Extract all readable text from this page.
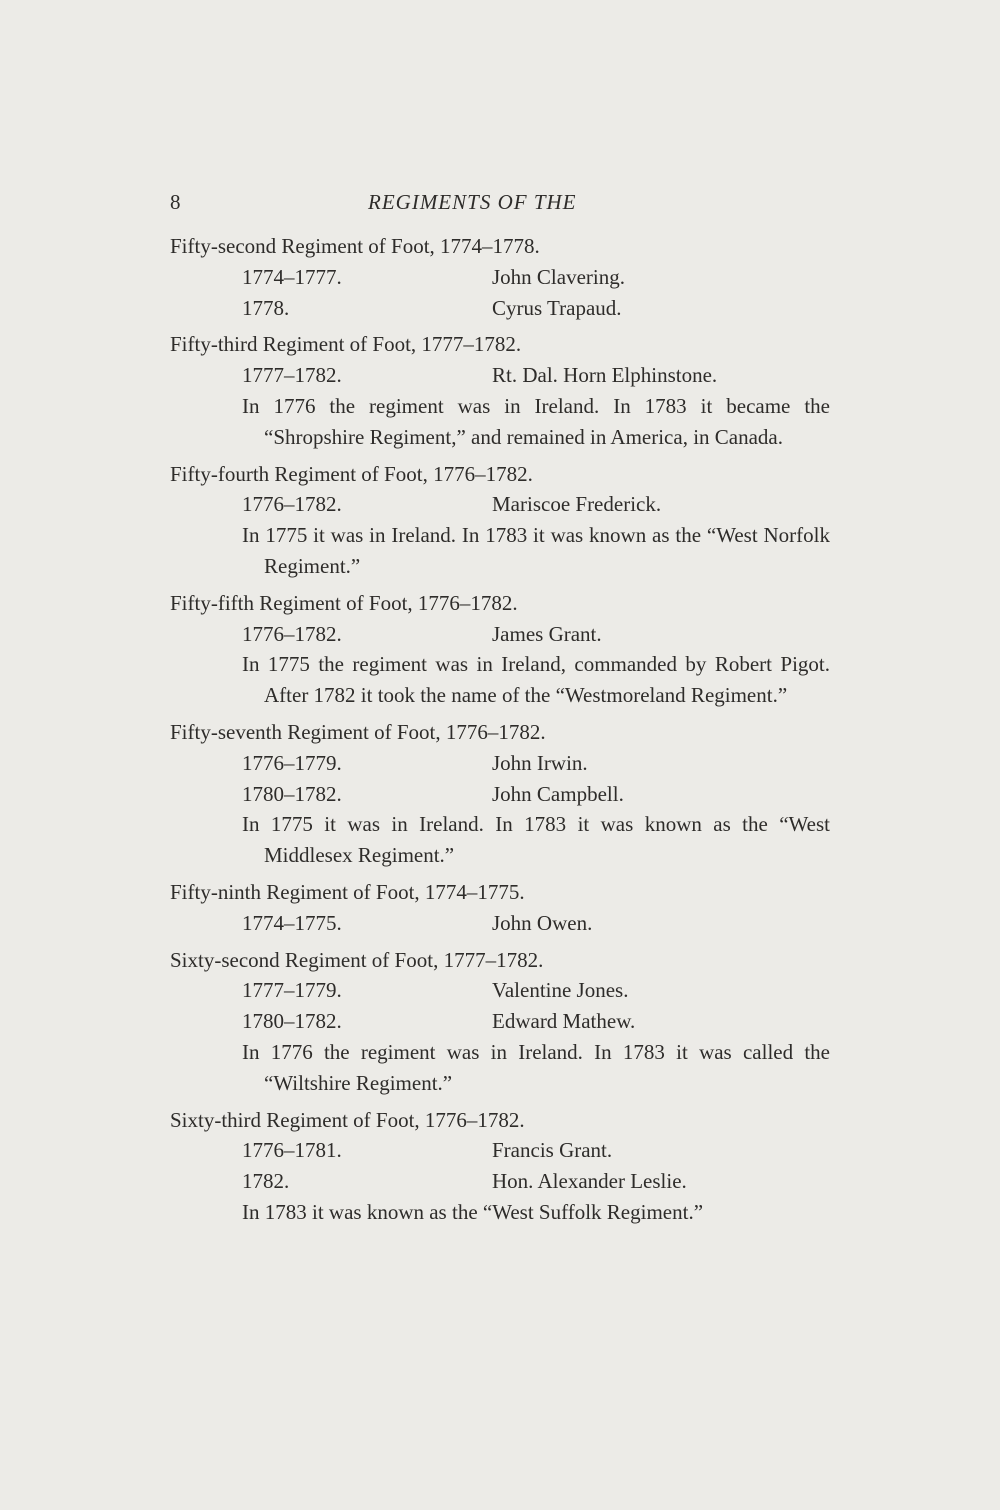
8	REGIMENTS OF THE

Fifty-second Regiment of Foot, 1774–1778.

1774–1777.	John Clavering.
1778.	Cyrus Trapaud.

Fifty-third Regiment of Foot, 1777–1782.

1777–1782.	Rt. Dal. Horn Elphinstone.

In 1776 the regiment was in Ireland. In 1783 it became the “Shropshire Regiment,” and remained in America, in Canada.

Fifty-fourth Regiment of Foot, 1776–1782.

1776–1782.	Mariscoe Frederick.

In 1775 it was in Ireland. In 1783 it was known as the “West Norfolk Regiment.”

Fifty-fifth Regiment of Foot, 1776–1782.

1776–1782.	James Grant.

In 1775 the regiment was in Ireland, commanded by Robert Pigot. After 1782 it took the name of the “Westmoreland Regiment.”

Fifty-seventh Regiment of Foot, 1776–1782.

1776–1779.	John Irwin.
1780–1782.	John Campbell.

In 1775 it was in Ireland. In 1783 it was known as the “West Middlesex Regiment.”

Fifty-ninth Regiment of Foot, 1774–1775.

1774–1775.	John Owen.

Sixty-second Regiment of Foot, 1777–1782.

1777–1779.	Valentine Jones.
1780–1782.	Edward Mathew.

In 1776 the regiment was in Ireland. In 1783 it was called the “Wiltshire Regiment.”

Sixty-third Regiment of Foot, 1776–1782.

1776–1781.	Francis Grant.
1782.	Hon. Alexander Leslie.

In 1783 it was known as the “West Suffolk Regiment.”
